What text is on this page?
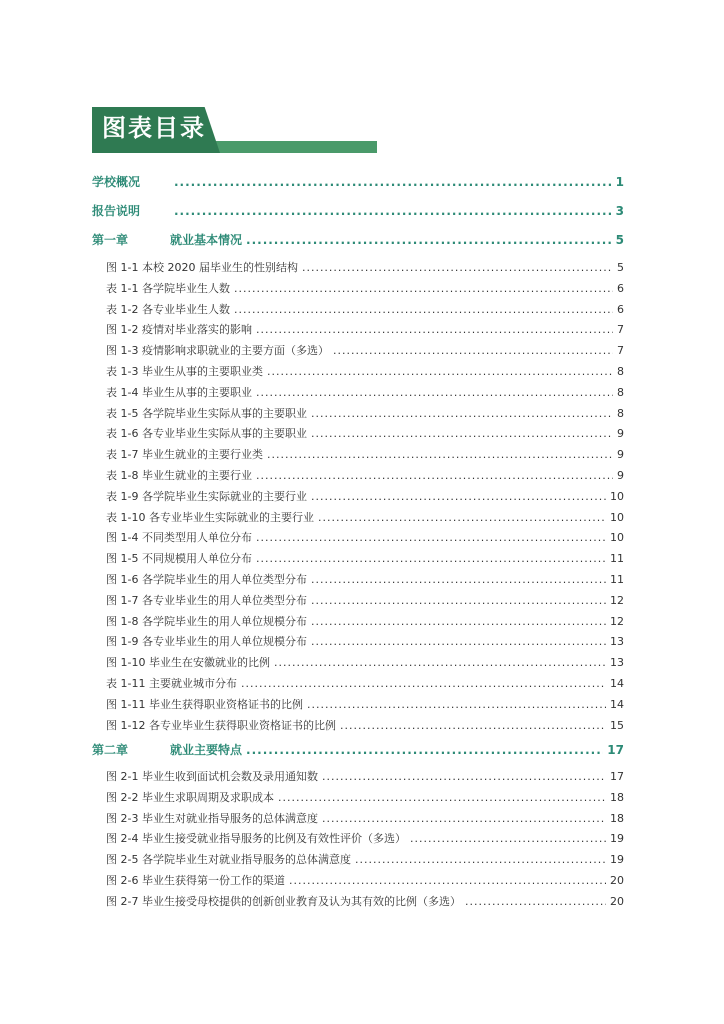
图表目录
学校概况 .....	1
报告说明 .....	3
第一章	就业基本情况 .....	5
图 1-1 本校 2020 届毕业生的性别结构 .....	5
表 1-1 各学院毕业生人数 .....	6
表 1-2 各专业毕业生人数 .....	6
图 1-2 疫情对毕业落实的影响 .....	7
图 1-3 疫情影响求职就业的主要方面（多选） .....	7
表 1-3 毕业生从事的主要职业类 .....	8
表 1-4 毕业生从事的主要职业 .....	8
表 1-5 各学院毕业生实际从事的主要职业 .....	8
表 1-6 各专业毕业生实际从事的主要职业 .....	9
表 1-7 毕业生就业的主要行业类 .....	9
表 1-8 毕业生就业的主要行业 .....	9
表 1-9 各学院毕业生实际就业的主要行业 .....	10
表 1-10 各专业毕业生实际就业的主要行业 .....	10
图 1-4 不同类型用人单位分布 .....	10
图 1-5 不同规模用人单位分布 .....	11
图 1-6 各学院毕业生的用人单位类型分布 .....	11
图 1-7 各专业毕业生的用人单位类型分布 .....	12
图 1-8 各学院毕业生的用人单位规模分布 .....	12
图 1-9 各专业毕业生的用人单位规模分布 .....	13
图 1-10 毕业生在安徽就业的比例 .....	13
表 1-11 主要就业城市分布 .....	14
图 1-11 毕业生获得职业资格证书的比例 .....	14
图 1-12 各专业毕业生获得职业资格证书的比例 .....	15
第二章	就业主要特点 .....	17
图 2-1 毕业生收到面试机会数及录用通知数 .....	17
图 2-2 毕业生求职周期及求职成本 .....	18
图 2-3 毕业生对就业指导服务的总体满意度 .....	18
图 2-4 毕业生接受就业指导服务的比例及有效性评价（多选） .....	19
图 2-5 各学院毕业生对就业指导服务的总体满意度 .....	19
图 2-6 毕业生获得第一份工作的渠道 .....	20
图 2-7 毕业生接受母校提供的创新创业教育及认为其有效的比例（多选） .....	20
